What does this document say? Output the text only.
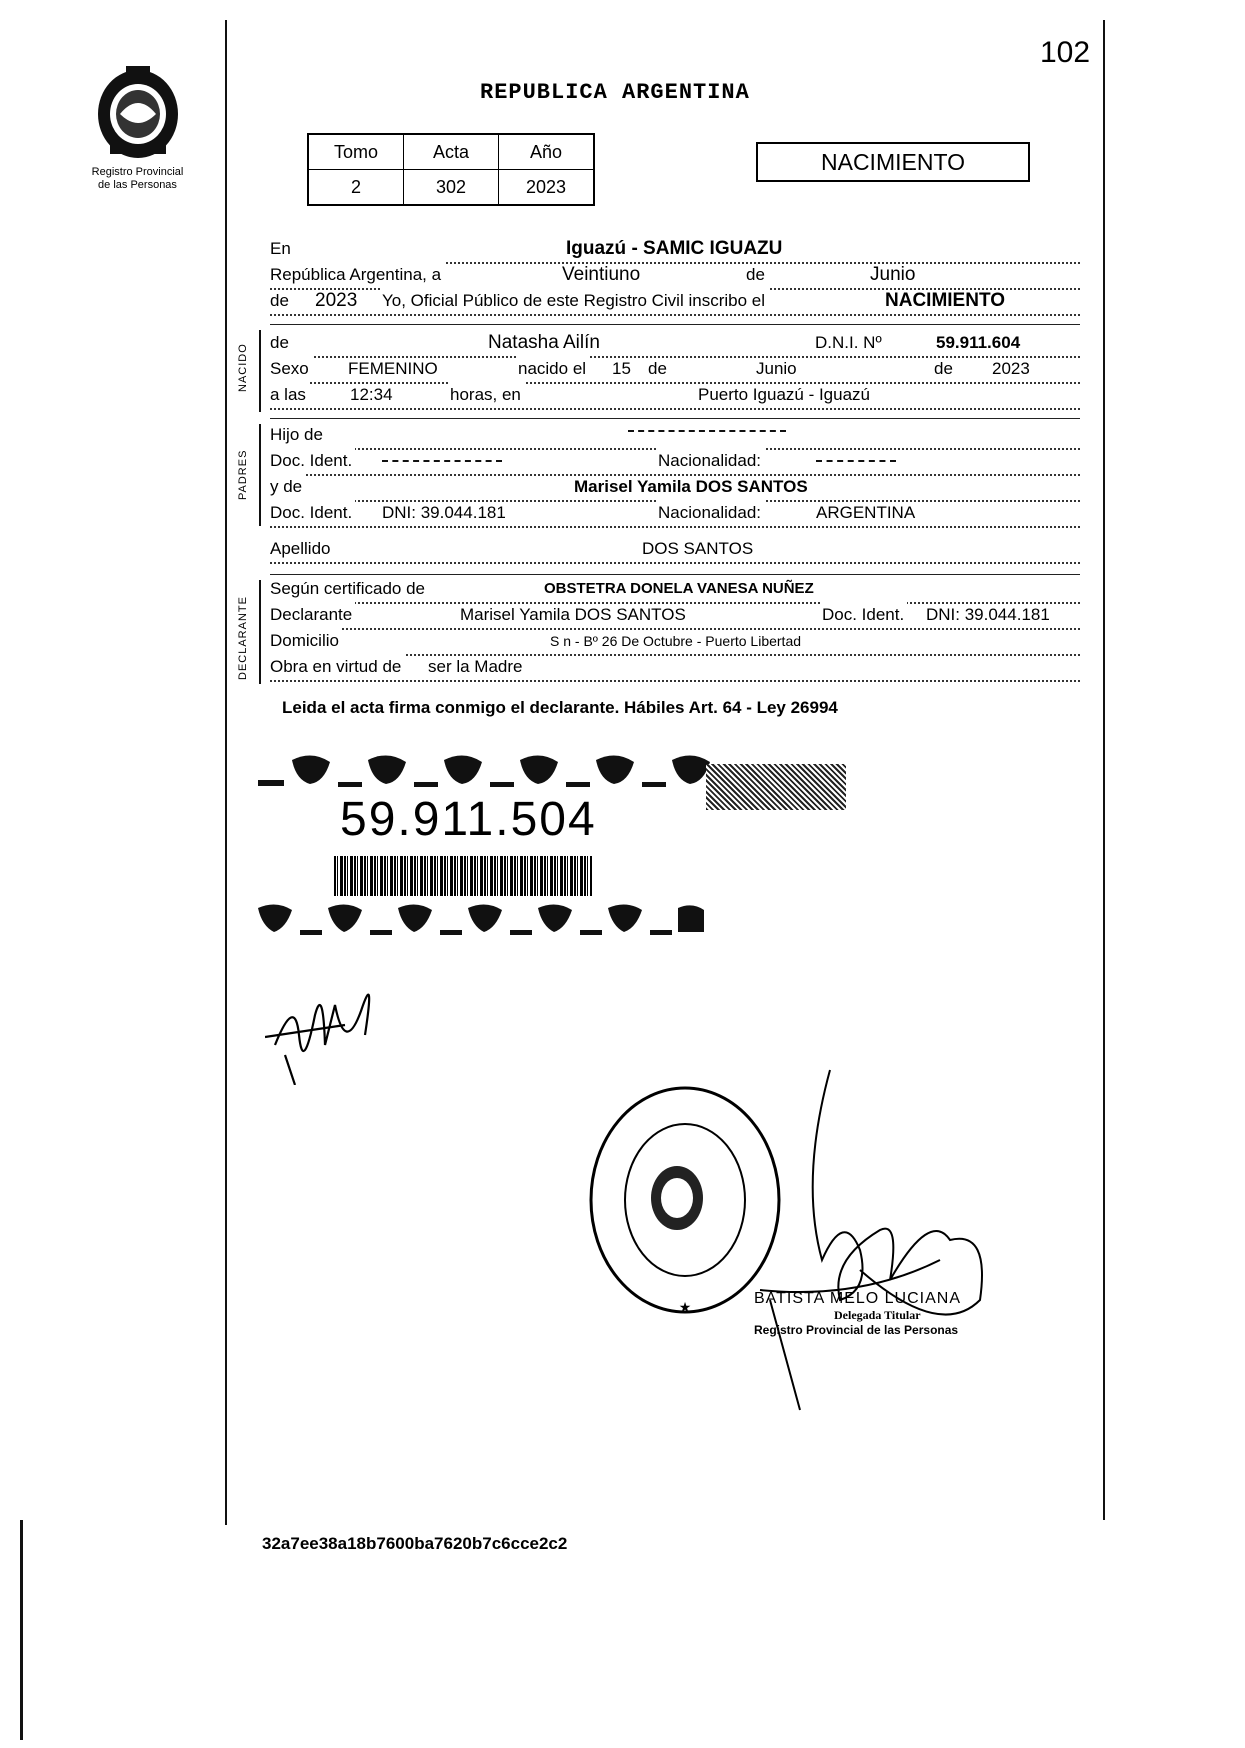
102
REPUBLICA ARGENTINA
Registro Provincial
de las Personas
Tomo	Acta	Año
2	302	2023
NACIMIENTO
En	Iguazú - SAMIC IGUAZU
República Argentina, a	Veintiuno	de	Junio
de 2023 Yo, Oficial Público de este Registro Civil inscribo el	NACIMIENTO
NACIDO
de	Natasha Ailín	D.N.I. Nº	59.911.604
Sexo FEMENINO	nacido el 15 de	Junio	de 2023
a las	12:34	horas, en	Puerto Iguazú - Iguazú
PADRES
Hijo de
Doc. Ident.	Nacionalidad:
y de	Marisel Yamila DOS SANTOS
Doc. Ident. DNI: 39.044.181	Nacionalidad:	ARGENTINA
Apellido	DOS SANTOS
DECLARANTE
Según certificado de	OBSTETRA DONELA VANESA NUÑEZ
Declarante	Marisel Yamila DOS SANTOS	Doc. Ident. DNI: 39.044.181
Domicilio	S n - Bº 26 De Octubre - Puerto Libertad
Obra en virtud de ser la Madre
Leida el acta firma conmigo el declarante. Hábiles Art. 64 - Ley 26994
59.911.504
★	BATISTA MELO LUCIANA
Delegada Titular
Registro Provincial de las Personas
32a7ee38a18b7600ba7620b7c6cce2c2
